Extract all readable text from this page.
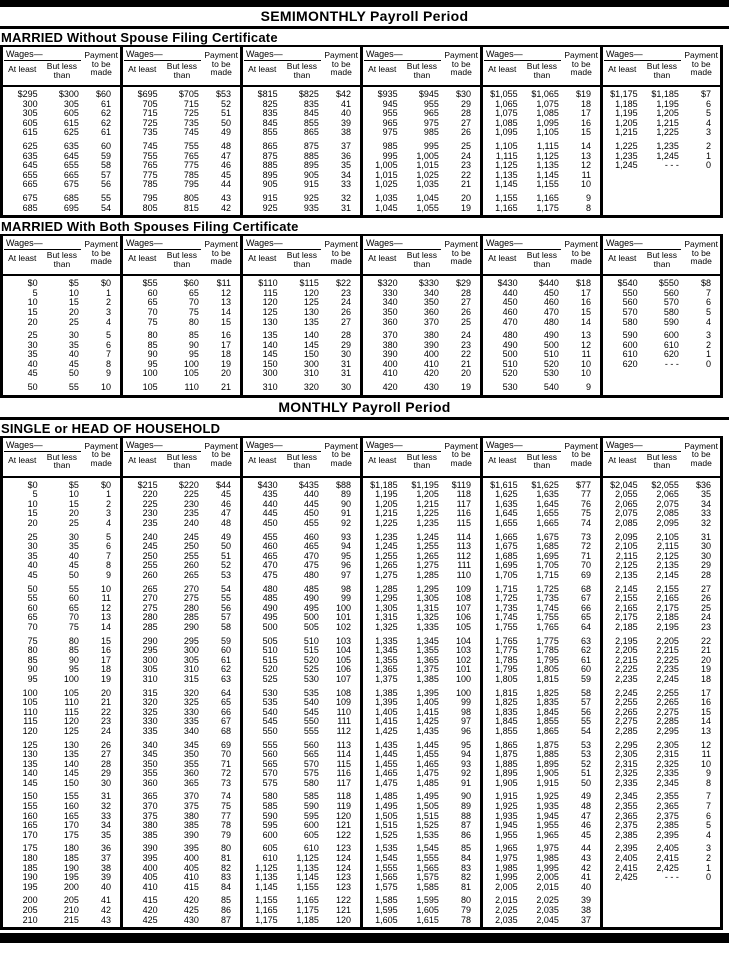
SEMIMONTHLY Payroll Period
MARRIED Without Spouse Filing Certificate
Wages—
At least	But less than
Payment
to be
made
$295	$300	$60
300	305	61
305	605	62
605	615	62
615	625	61
625	635	60
635	645	59
645	655	58
655	665	57
665	675	56
675	685	55
685	695	54
Wages—
At least	But less than
Payment
to be
made
$695	$705	$53
705	715	52
715	725	51
725	735	50
735	745	49
745	755	48
755	765	47
765	775	46
775	785	45
785	795	44
795	805	43
805	815	42
Wages—
At least	But less than
Payment
to be
made
$815	$825	$42
825	835	41
835	845	40
845	855	39
855	865	38
865	875	37
875	885	36
885	895	35
895	905	34
905	915	33
915	925	32
925	935	31
Wages—
At least	But less than
Payment
to be
made
$935	$945	$30
945	955	29
955	965	28
965	975	27
975	985	26
985	995	25
995	1,005	24
1,005	1,015	23
1,015	1,025	22
1,025	1,035	21
1,035	1,045	20
1,045	1,055	19
Wages—
At least	But less than
Payment
to be
made
$1,055	$1,065	$19
1,065	1,075	18
1,075	1,085	17
1,085	1,095	16
1,095	1,105	15
1,105	1,115	14
1,115	1,125	13
1,125	1,135	12
1,135	1,145	11
1,145	1,155	10
1,155	1,165	9
1,165	1,175	8
Wages—
At least	But less than
Payment
to be
made
$1,175	$1,185	$7
1,185	1,195	6
1,195	1,205	5
1,205	1,215	4
1,215	1,225	3
1,225	1,235	2
1,235	1,245	1
1,245	- - -	0
MARRIED With Both Spouses Filing Certificate
Wages—
At least	But less than
Payment
to be
made
$0	$5	$0
5	10	1
10	15	2
15	20	3
20	25	4
25	30	5
30	35	6
35	40	7
40	45	8
45	50	9
50	55	10
Wages—
At least	But less than
Payment
to be
made
$55	$60	$11
60	65	12
65	70	13
70	75	14
75	80	15
80	85	16
85	90	17
90	95	18
95	100	19
100	105	20
105	110	21
Wages—
At least	But less than
Payment
to be
made
$110	$115	$22
115	120	23
120	125	24
125	130	26
130	135	27
135	140	28
140	145	29
145	150	30
150	300	31
300	310	31
310	320	30
Wages—
At least	But less than
Payment
to be
made
$320	$330	$29
330	340	28
340	350	27
350	360	26
360	370	25
370	380	24
380	390	23
390	400	22
400	410	21
410	420	20
420	430	19
Wages—
At least	But less than
Payment
to be
made
$430	$440	$18
440	450	17
450	460	16
460	470	15
470	480	14
480	490	13
490	500	12
500	510	11
510	520	10
520	530	10
530	540	9
Wages—
At least	But less than
Payment
to be
made
$540	$550	$8
550	560	7
560	570	6
570	580	5
580	590	4
590	600	3
600	610	2
610	620	1
620	- - -	0
MONTHLY Payroll Period
SINGLE or HEAD OF HOUSEHOLD
Wages—
At least	But less than
Payment
to be
made
$0	$5	$0
5	10	1
10	15	2
15	20	3
20	25	4
25	30	5
30	35	6
35	40	7
40	45	8
45	50	9
50	55	10
55	60	11
60	65	12
65	70	13
70	75	14
75	80	15
80	85	16
85	90	17
90	95	18
95	100	19
100	105	20
105	110	21
110	115	22
115	120	23
120	125	24
125	130	26
130	135	27
135	140	28
140	145	29
145	150	30
150	155	31
155	160	32
160	165	33
165	170	34
170	175	35
175	180	36
180	185	37
185	190	38
190	195	39
195	200	40
200	205	41
205	210	42
210	215	43
Wages—
At least	But less than
Payment
to be
made
$215	$220	$44
220	225	45
225	230	46
230	235	47
235	240	48
240	245	49
245	250	50
250	255	51
255	260	52
260	265	53
265	270	54
270	275	55
275	280	56
280	285	57
285	290	58
290	295	59
295	300	60
300	305	61
305	310	62
310	315	63
315	320	64
320	325	65
325	330	66
330	335	67
335	340	68
340	345	69
345	350	70
350	355	71
355	360	72
360	365	73
365	370	74
370	375	75
375	380	77
380	385	78
385	390	79
390	395	80
395	400	81
400	405	82
405	410	83
410	415	84
415	420	85
420	425	86
425	430	87
Wages—
At least	But less than
Payment
to be
made
$430	$435	$88
435	440	89
440	445	90
445	450	91
450	455	92
455	460	93
460	465	94
465	470	95
470	475	96
475	480	97
480	485	98
485	490	99
490	495	100
495	500	101
500	505	102
505	510	103
510	515	104
515	520	105
520	525	106
525	530	107
530	535	108
535	540	109
540	545	110
545	550	111
550	555	112
555	560	113
560	565	114
565	570	115
570	575	116
575	580	117
580	585	118
585	590	119
590	595	120
595	600	121
600	605	122
605	610	123
610	1,125	124
1,125	1,135	124
1,135	1,145	123
1,145	1,155	123
1,155	1,165	122
1,165	1,175	121
1,175	1,185	120
Wages—
At least	But less than
Payment
to be
made
$1,185	$1,195	$119
1,195	1,205	118
1,205	1,215	117
1,215	1,225	116
1,225	1,235	115
1,235	1,245	114
1,245	1,255	113
1,255	1,265	112
1,265	1,275	111
1,275	1,285	110
1,285	1,295	109
1,295	1,305	108
1,305	1,315	107
1,315	1,325	106
1,325	1,335	105
1,335	1,345	104
1,345	1,355	103
1,355	1,365	102
1,365	1,375	101
1,375	1,385	100
1,385	1,395	100
1,395	1,405	99
1,405	1,415	98
1,415	1,425	97
1,425	1,435	96
1,435	1,445	95
1,445	1,455	94
1,455	1,465	93
1,465	1,475	92
1,475	1,485	91
1,485	1,495	90
1,495	1,505	89
1,505	1,515	88
1,515	1,525	87
1,525	1,535	86
1,535	1,545	85
1,545	1,555	84
1,555	1,565	83
1,565	1,575	82
1,575	1,585	81
1,585	1,595	80
1,595	1,605	79
1,605	1,615	78
Wages—
At least	But less than
Payment
to be
made
$1,615	$1,625	$77
1,625	1,635	77
1,635	1,645	76
1,645	1,655	75
1,655	1,665	74
1,665	1,675	73
1,675	1,685	72
1,685	1,695	71
1,695	1,705	70
1,705	1,715	69
1,715	1,725	68
1,725	1,735	67
1,735	1,745	66
1,745	1,755	65
1,755	1,765	64
1,765	1,775	63
1,775	1,785	62
1,785	1,795	61
1,795	1,805	60
1,805	1,815	59
1,815	1,825	58
1,825	1,835	57
1,835	1,845	56
1,845	1,855	55
1,855	1,865	54
1,865	1,875	53
1,875	1,885	53
1,885	1,895	52
1,895	1,905	51
1,905	1,915	50
1,915	1,925	49
1,925	1,935	48
1,935	1,945	47
1,945	1,955	46
1,955	1,965	45
1,965	1,975	44
1,975	1,985	43
1,985	1,995	42
1,995	2,005	41
2,005	2,015	40
2,015	2,025	39
2,025	2,035	38
2,035	2,045	37
Wages—
At least	But less than
Payment
to be
made
$2,045	$2,055	$36
2,055	2,065	35
2,065	2,075	34
2,075	2,085	33
2,085	2,095	32
2,095	2,105	31
2,105	2,115	30
2,115	2,125	30
2,125	2,135	29
2,135	2,145	28
2,145	2,155	27
2,155	2,165	26
2,165	2,175	25
2,175	2,185	24
2,185	2,195	23
2,195	2,205	22
2,205	2,215	21
2,215	2,225	20
2,225	2,235	19
2,235	2,245	18
2,245	2,255	17
2,255	2,265	16
2,265	2,275	15
2,275	2,285	14
2,285	2,295	13
2,295	2,305	12
2,305	2,315	11
2,315	2,325	10
2,325	2,335	9
2,335	2,345	8
2,345	2,355	7
2,355	2,365	7
2,365	2,375	6
2,375	2,385	5
2,385	2,395	4
2,395	2,405	3
2,405	2,415	2
2,415	2,425	1
2,425	- - -	0
